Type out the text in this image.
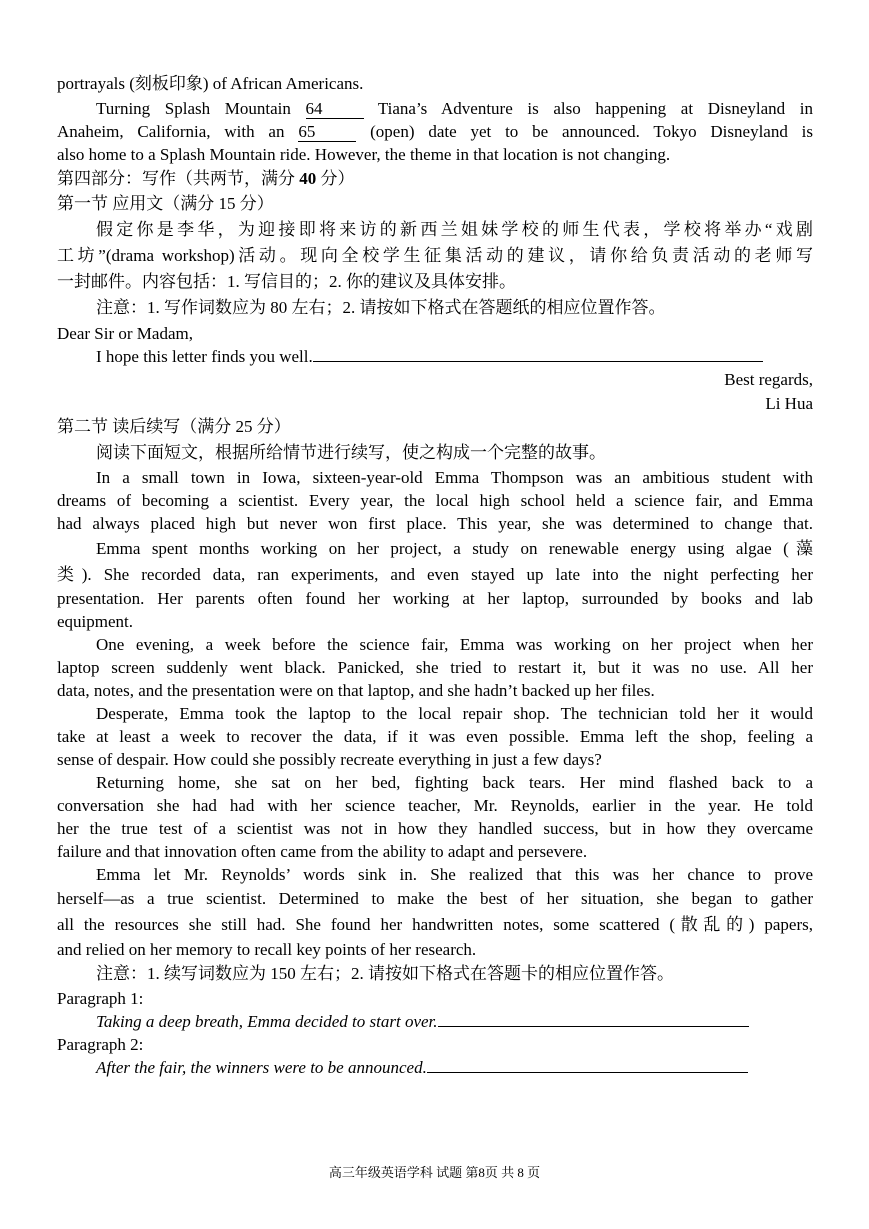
portrayals (刻板印象) of African Americans.
Turning Splash Mountain 64	Tiana’s Adventure is also happening at Disneyland in
Anaheim, California, with an 65	(open) date yet to be announced. Tokyo Disneyland is
also home to a Splash Mountain ride. However, the theme in that location is not changing.
第四部分：写作（共两节，满分 40 分）
第一节 应用文（满分 15 分）
假定你是李华，为迎接即将来访的新西兰姐妹学校的师生代表，学校将举办“戏剧
工坊”(drama workshop)活动。现向全校学生征集活动的建议，请你给负责活动的老师写
一封邮件。内容包括：1. 写信目的；2. 你的建议及具体安排。
注意：1. 写作词数应为 80 左右；2. 请按如下格式在答题纸的相应位置作答。
Dear Sir or Madam,
I hope this letter finds you well.
Best regards,
Li Hua
第二节 读后续写（满分 25 分）
阅读下面短文，根据所给情节进行续写，使之构成一个完整的故事。
In a small town in Iowa, sixteen-year-old Emma Thompson was an ambitious student with
dreams of becoming a scientist. Every year, the local high school held a science fair, and Emma
had always placed high but never won first place. This year, she was determined to change that.
Emma spent months working on her project, a study on renewable energy using algae (藻
类). She recorded data, ran experiments, and even stayed up late into the night perfecting her
presentation. Her parents often found her working at her laptop, surrounded by books and lab
equipment.
One evening, a week before the science fair, Emma was working on her project when her
laptop screen suddenly went black. Panicked, she tried to restart it, but it was no use. All her
data, notes, and the presentation were on that laptop, and she hadn’t backed up her files.
Desperate, Emma took the laptop to the local repair shop. The technician told her it would
take at least a week to recover the data, if it was even possible. Emma left the shop, feeling a
sense of despair. How could she possibly recreate everything in just a few days?
Returning home, she sat on her bed, fighting back tears. Her mind flashed back to a
conversation she had had with her science teacher, Mr. Reynolds, earlier in the year. He told
her the true test of a scientist was not in how they handled success, but in how they overcame
failure and that innovation often came from the ability to adapt and persevere.
Emma let Mr. Reynolds’ words sink in. She realized that this was her chance to prove
herself—as a true scientist. Determined to make the best of her situation, she began to gather
all the resources she still had. She found her handwritten notes, some scattered (散乱的) papers,
and relied on her memory to recall key points of her research.
注意：1. 续写词数应为 150 左右；2. 请按如下格式在答题卡的相应位置作答。
Paragraph 1:
Taking a deep breath, Emma decided to start over.
Paragraph 2:
After the fair, the winners were to be announced.
高三年级英语学科 试题 第8页 共 8 页
